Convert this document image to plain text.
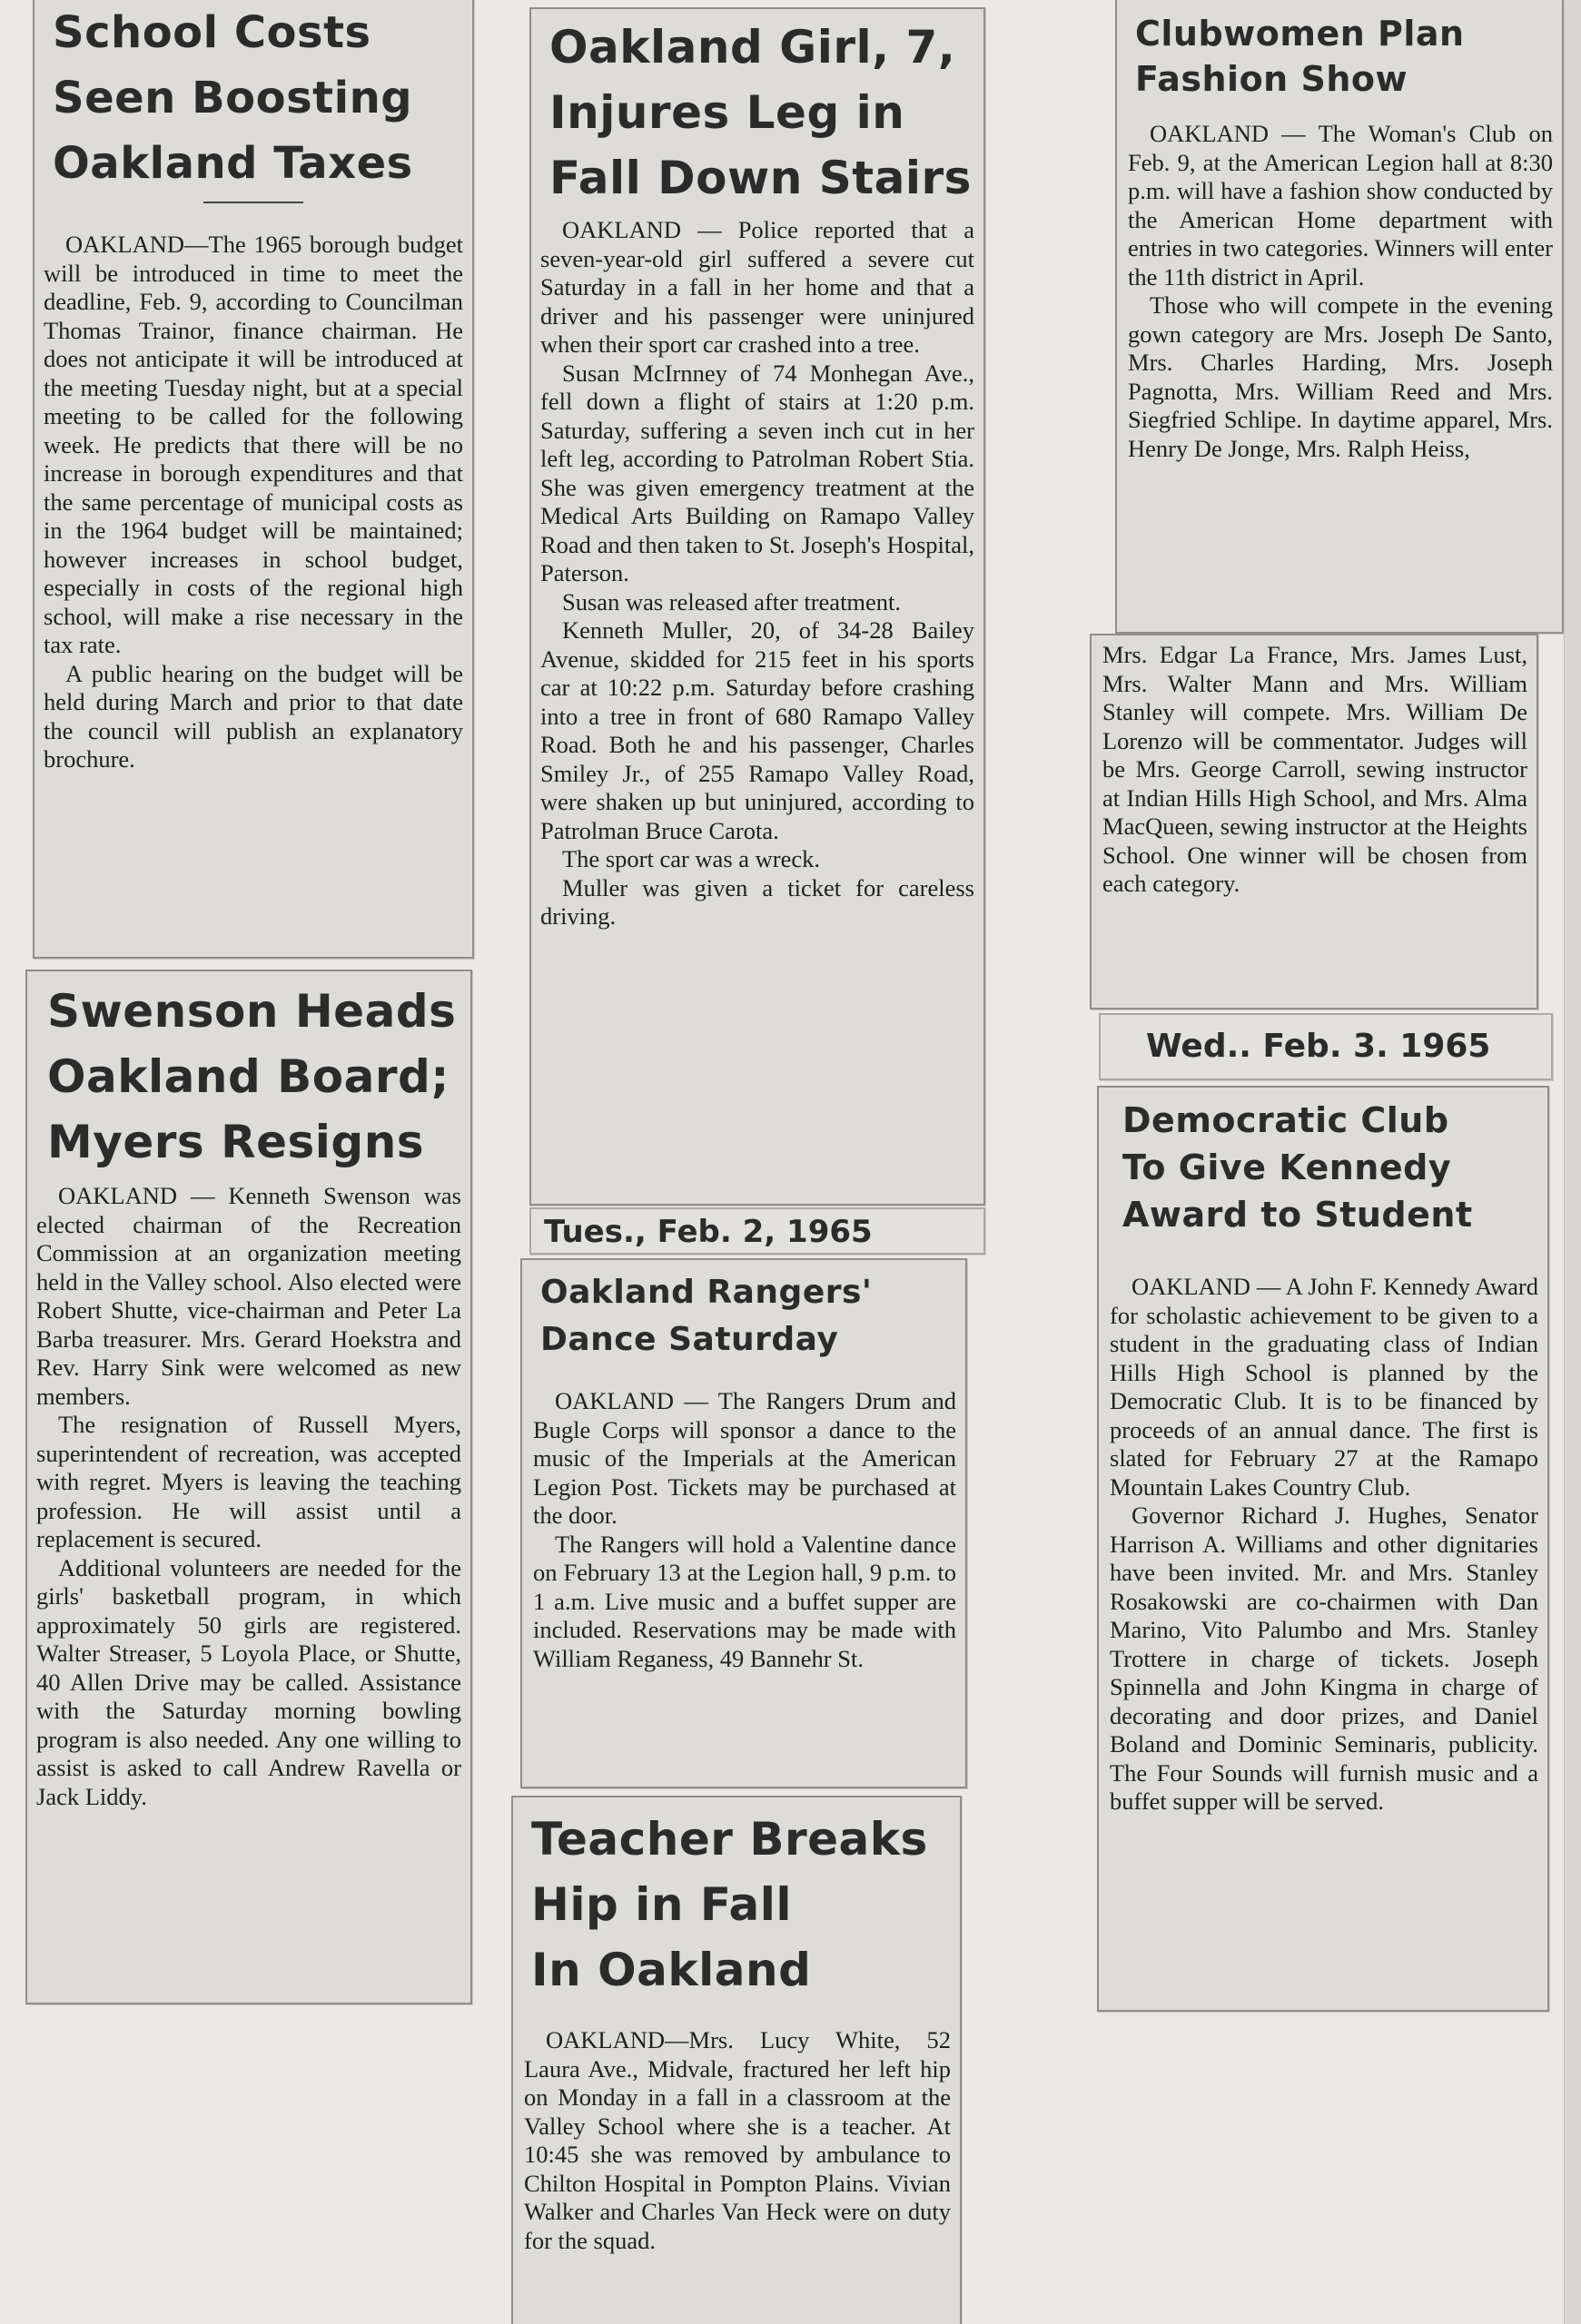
School Costs
Seen Boosting
Oakland Taxes

OAKLAND—The 1965 borough budget will be introduced in time to meet the deadline, Feb. 9, according to Councilman Thomas Trainor, finance chairman. He does not anticipate it will be introduced at the meeting Tuesday night, but at a special meeting to be called for the following week. He predicts that there will be no increase in borough expenditures and that the same percentage of municipal costs as in the 1964 budget will be maintained; however increases in school budget, especially in costs of the regional high school, will make a rise necessary in the tax rate.

A public hearing on the budget will be held during March and prior to that date the council will publish an explanatory brochure.

Swenson Heads
Oakland Board;
Myers Resigns

OAKLAND — Kenneth Swenson was elected chairman of the Recreation Commission at an organization meeting held in the Valley school. Also elected were Robert Shutte, vice-chairman and Peter La Barba treasurer. Mrs. Gerard Hoekstra and Rev. Harry Sink were welcomed as new members.

The resignation of Russell Myers, superintendent of recreation, was accepted with regret. Myers is leaving the teaching profession. He will assist until a replacement is secured.

Additional volunteers are needed for the girls' basketball program, in which approximately 50 girls are registered. Walter Streaser, 5 Loyola Place, or Shutte, 40 Allen Drive may be called. Assistance with the Saturday morning bowling program is also needed. Any one willing to assist is asked to call Andrew Ravella or Jack Liddy.

Oakland Girl, 7,
Injures Leg in
Fall Down Stairs

OAKLAND — Police reported that a seven-year-old girl suffered a severe cut Saturday in a fall in her home and that a driver and his passenger were uninjured when their sport car crashed into a tree.

Susan McIrnney of 74 Monhegan Ave., fell down a flight of stairs at 1:20 p.m. Saturday, suffering a seven inch cut in her left leg, according to Patrolman Robert Stia. She was given emergency treatment at the Medical Arts Building on Ramapo Valley Road and then taken to St. Joseph's Hospital, Paterson.

Susan was released after treatment.

Kenneth Muller, 20, of 34-28 Bailey Avenue, skidded for 215 feet in his sports car at 10:22 p.m. Saturday before crashing into a tree in front of 680 Ramapo Valley Road. Both he and his passenger, Charles Smiley Jr., of 255 Ramapo Valley Road, were shaken up but uninjured, according to Patrolman Bruce Carota.

The sport car was a wreck.

Muller was given a ticket for careless driving.

Tues., Feb. 2, 1965
Oakland Rangers'
Dance Saturday

OAKLAND — The Rangers Drum and Bugle Corps will sponsor a dance to the music of the Imperials at the American Legion Post. Tickets may be purchased at the door.

The Rangers will hold a Valentine dance on February 13 at the Legion hall, 9 p.m. to 1 a.m. Live music and a buffet supper are included. Reservations may be made with William Reganess, 49 Bannehr St.

Teacher Breaks
Hip in Fall
In Oakland

OAKLAND—Mrs. Lucy White, 52 Laura Ave., Midvale, fractured her left hip on Monday in a fall in a classroom at the Valley School where she is a teacher. At 10:45 she was removed by ambulance to Chilton Hospital in Pompton Plains. Vivian Walker and Charles Van Heck were on duty for the squad.

Clubwomen Plan
Fashion Show

OAKLAND — The Woman's Club on Feb. 9, at the American Legion hall at 8:30 p.m. will have a fashion show conducted by the American Home department with entries in two categories. Winners will enter the 11th district in April.

Those who will compete in the evening gown category are Mrs. Joseph De Santo, Mrs. Charles Harding, Mrs. Joseph Pagnotta, Mrs. William Reed and Mrs. Siegfried Schlipe. In daytime apparel, Mrs. Henry De Jonge, Mrs. Ralph Heiss,

Mrs. Edgar La France, Mrs. James Lust, Mrs. Walter Mann and Mrs. William Stanley will compete. Mrs. William De Lorenzo will be commentator. Judges will be Mrs. George Carroll, sewing instructor at Indian Hills High School, and Mrs. Alma MacQueen, sewing instructor at the Heights School. One winner will be chosen from each category.

Wed.. Feb. 3. 1965
Democratic Club
To Give Kennedy
Award to Student

OAKLAND — A John F. Kennedy Award for scholastic achievement to be given to a student in the graduating class of Indian Hills High School is planned by the Democratic Club. It is to be financed by proceeds of an annual dance. The first is slated for February 27 at the Ramapo Mountain Lakes Country Club.

Governor Richard J. Hughes, Senator Harrison A. Williams and other dignitaries have been invited. Mr. and Mrs. Stanley Rosakowski are co-chairmen with Dan Marino, Vito Palumbo and Mrs. Stanley Trottere in charge of tickets. Joseph Spinnella and John Kingma in charge of decorating and door prizes, and Daniel Boland and Dominic Seminaris, publicity. The Four Sounds will furnish music and a buffet supper will be served.
